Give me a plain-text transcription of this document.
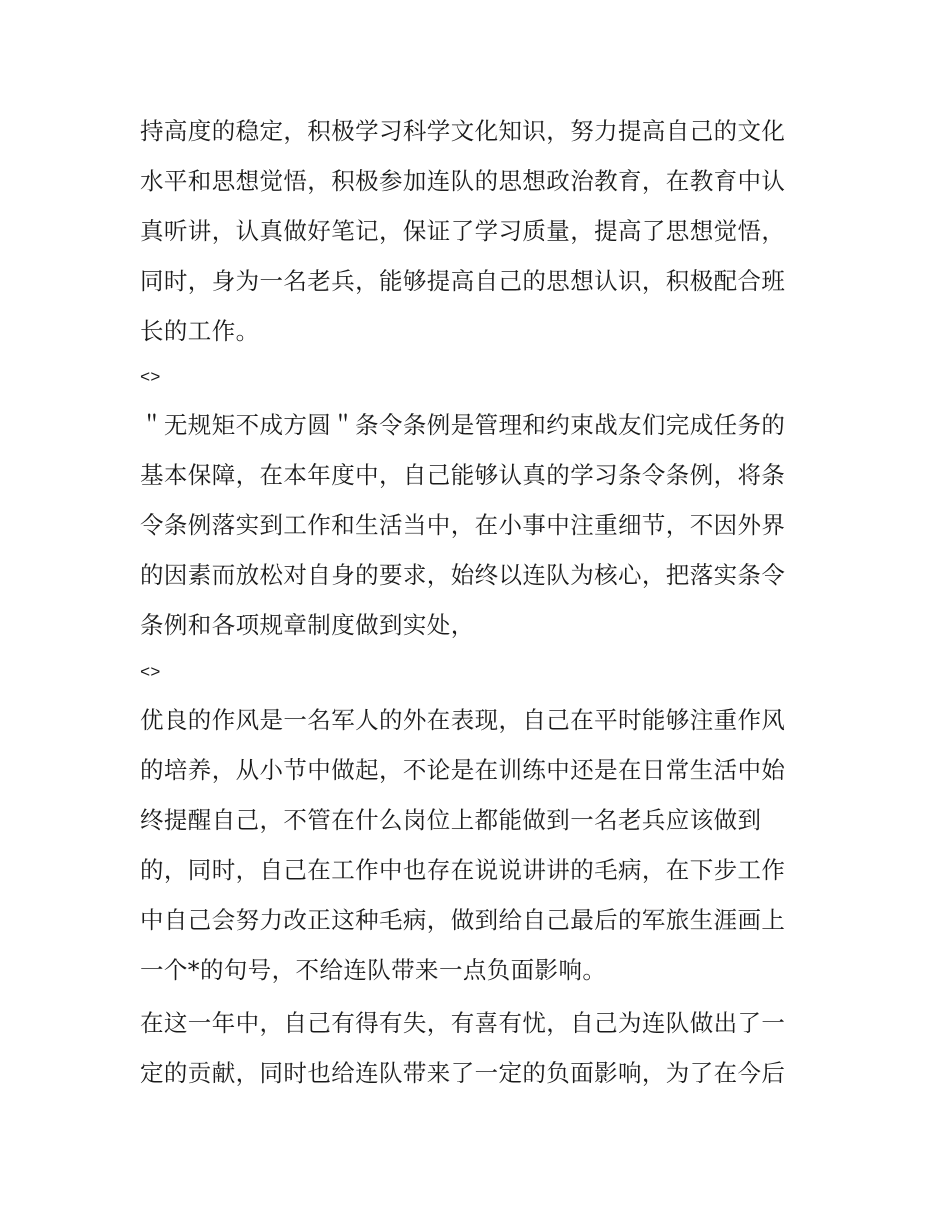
持高度的稳定，积极学习科学文化知识，努力提高自己的文化
水平和思想觉悟，积极参加连队的思想政治教育，在教育中认
真听讲，认真做好笔记，保证了学习质量，提高了思想觉悟，
同时，身为一名老兵，能够提高自己的思想认识，积极配合班
长的工作。
<>
＂无规矩不成方圆＂条令条例是管理和约束战友们完成任务的
基本保障，在本年度中，自己能够认真的学习条令条例，将条
令条例落实到工作和生活当中，在小事中注重细节，不因外界
的因素而放松对自身的要求，始终以连队为核心，把落实条令
条例和各项规章制度做到实处，
<>
优良的作风是一名军人的外在表现，自己在平时能够注重作风
的培养，从小节中做起，不论是在训练中还是在日常生活中始
终提醒自己，不管在什么岗位上都能做到一名老兵应该做到
的，同时，自己在工作中也存在说说讲讲的毛病，在下步工作
中自己会努力改正这种毛病，做到给自己最后的军旅生涯画上
一个*的句号，不给连队带来一点负面影响。
在这一年中，自己有得有失，有喜有忧，自己为连队做出了一
定的贡献，同时也给连队带来了一定的负面影响，为了在今后
